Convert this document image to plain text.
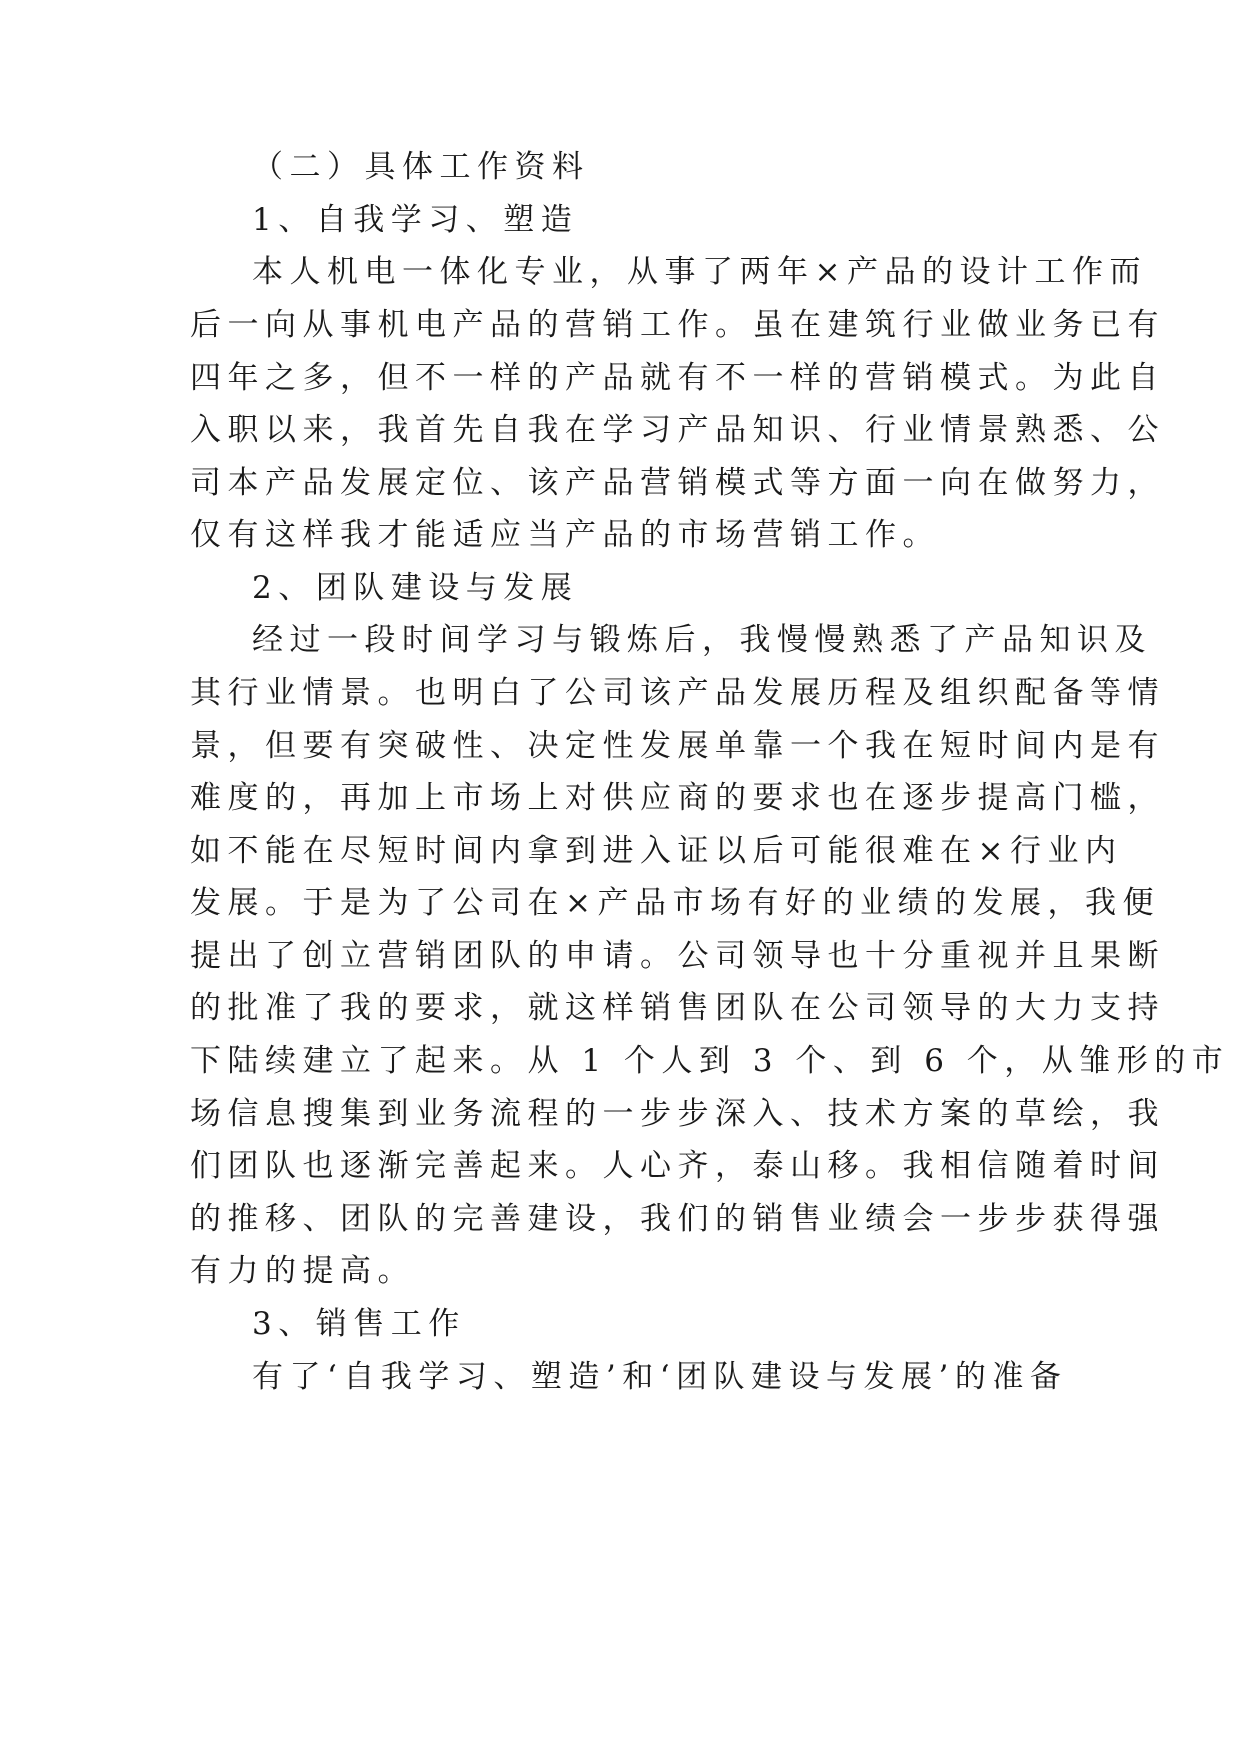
（二）具体工作资料
1、自我学习、塑造
本人机电一体化专业，从事了两年×产品的设计工作而
后一向从事机电产品的营销工作。虽在建筑行业做业务已有
四年之多，但不一样的产品就有不一样的营销模式。为此自
入职以来，我首先自我在学习产品知识、行业情景熟悉、公
司本产品发展定位、该产品营销模式等方面一向在做努力，
仅有这样我才能适应当产品的市场营销工作。
2、团队建设与发展
经过一段时间学习与锻炼后，我慢慢熟悉了产品知识及
其行业情景。也明白了公司该产品发展历程及组织配备等情
景，但要有突破性、决定性发展单靠一个我在短时间内是有
难度的，再加上市场上对供应商的要求也在逐步提高门槛，
如不能在尽短时间内拿到进入证以后可能很难在×行业内
发展。于是为了公司在×产品市场有好的业绩的发展，我便
提出了创立营销团队的申请。公司领导也十分重视并且果断
的批准了我的要求，就这样销售团队在公司领导的大力支持
下陆续建立了起来。从 1 个人到 3 个、到 6 个，从雏形的市
场信息搜集到业务流程的一步步深入、技术方案的草绘，我
们团队也逐渐完善起来。人心齐，泰山移。我相信随着时间
的推移、团队的完善建设，我们的销售业绩会一步步获得强
有力的提高。
3、销售工作
有了‘自我学习、塑造’和‘团队建设与发展’的准备
